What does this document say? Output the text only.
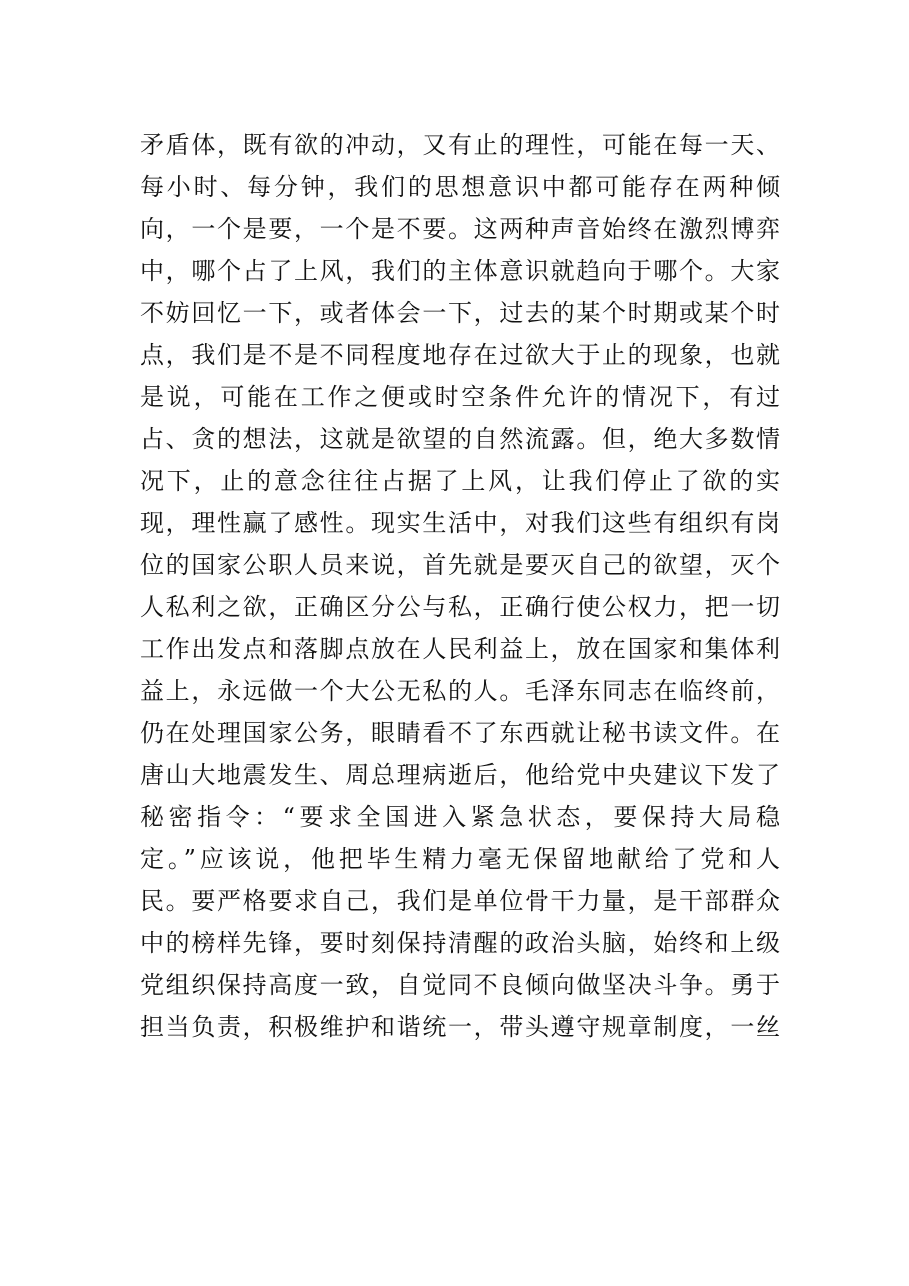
矛盾体，既有欲的冲动，又有止的理性，可能在每一天、
每小时、每分钟，我们的思想意识中都可能存在两种倾
向，一个是要，一个是不要。这两种声音始终在激烈博弈
中，哪个占了上风，我们的主体意识就趋向于哪个。大家
不妨回忆一下，或者体会一下，过去的某个时期或某个时
点，我们是不是不同程度地存在过欲大于止的现象，也就
是说，可能在工作之便或时空条件允许的情况下，有过
占、贪的想法，这就是欲望的自然流露。但，绝大多数情
况下，止的意念往往占据了上风，让我们停止了欲的实
现，理性赢了感性。现实生活中，对我们这些有组织有岗
位的国家公职人员来说，首先就是要灭自己的欲望，灭个
人私利之欲，正确区分公与私，正确行使公权力，把一切
工作出发点和落脚点放在人民利益上，放在国家和集体利
益上，永远做一个大公无私的人。毛泽东同志在临终前，
仍在处理国家公务，眼睛看不了东西就让秘书读文件。在
唐山大地震发生、周总理病逝后，他给党中央建议下发了
秘密指令：“要求全国进入紧急状态，要保持大局稳
定。”应该说，他把毕生精力毫无保留地献给了党和人
民。要严格要求自己，我们是单位骨干力量，是干部群众
中的榜样先锋，要时刻保持清醒的政治头脑，始终和上级
党组织保持高度一致，自觉同不良倾向做坚决斗争。勇于
担当负责，积极维护和谐统一，带头遵守规章制度，一丝
